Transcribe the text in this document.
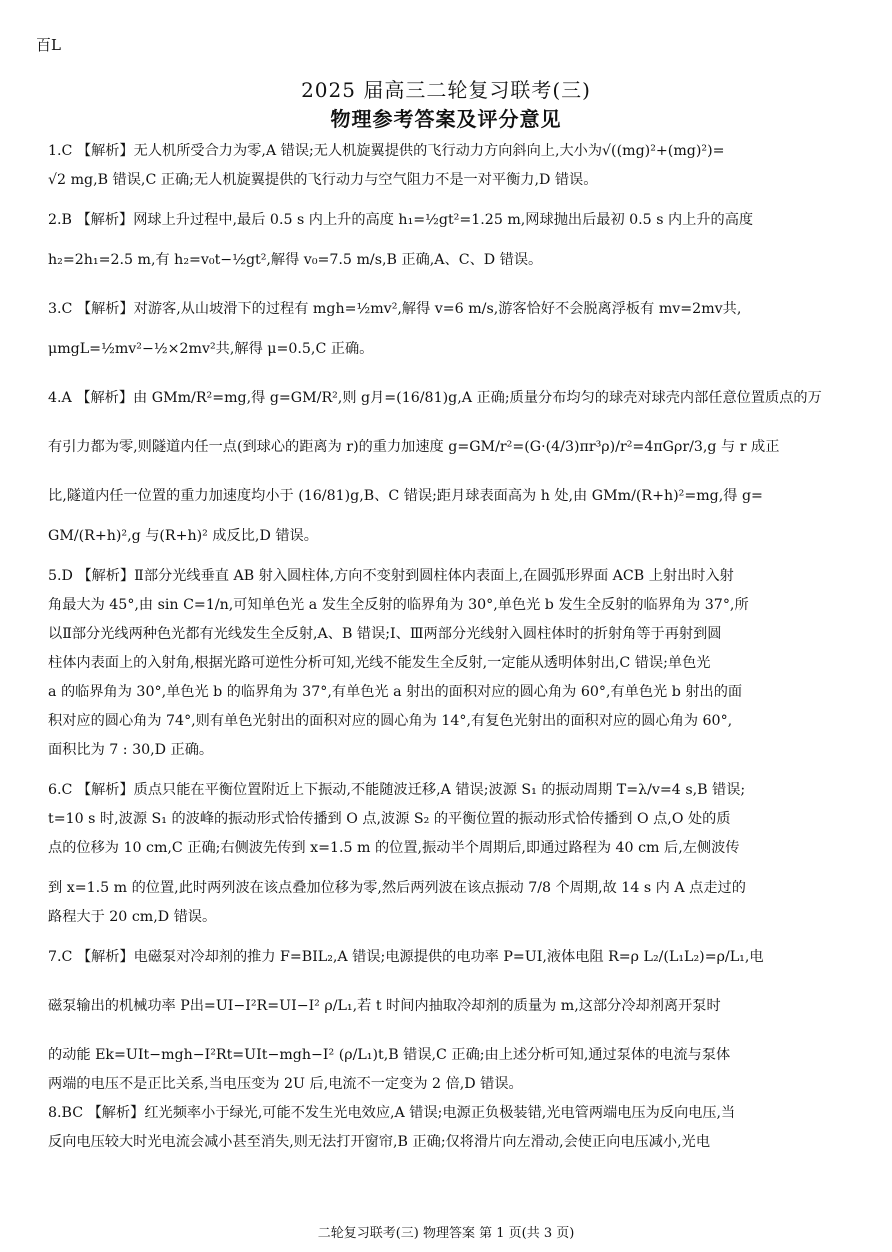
百L
2025 届高三二轮复习联考(三)
物理参考答案及评分意见
1.C 【解析】无人机所受合力为零,A 错误;无人机旋翼提供的飞行动力方向斜向上,大小为√((mg)²+(mg)²)=
√2 mg,B 错误,C 正确;无人机旋翼提供的飞行动力与空气阻力不是一对平衡力,D 错误。
2.B 【解析】网球上升过程中,最后 0.5 s 内上升的高度 h₁=½gt²=1.25 m,网球抛出后最初 0.5 s 内上升的高度
h₂=2h₁=2.5 m,有 h₂=v₀t−½gt²,解得 v₀=7.5 m/s,B 正确,A、C、D 错误。
3.C 【解析】对游客,从山坡滑下的过程有 mgh=½mv²,解得 v=6 m/s,游客恰好不会脱离浮板有 mv=2mv共,
μmgL=½mv²−½×2mv²共,解得 μ=0.5,C 正确。
4.A 【解析】由 GMm/R²=mg,得 g=GM/R²,则 g月=(16/81)g,A 正确;质量分布均匀的球壳对球壳内部任意位置质点的万
有引力都为零,则隧道内任一点(到球心的距离为 r)的重力加速度 g=GM/r²=(G·(4/3)πr³ρ)/r²=4πGρr/3,g 与 r 成正
比,隧道内任一位置的重力加速度均小于 (16/81)g,B、C 错误;距月球表面高为 h 处,由 GMm/(R+h)²=mg,得 g=
GM/(R+h)²,g 与(R+h)² 成反比,D 错误。
5.D 【解析】Ⅱ部分光线垂直 AB 射入圆柱体,方向不变射到圆柱体内表面上,在圆弧形界面 ACB 上射出时入射
角最大为 45°,由 sin C=1/n,可知单色光 a 发生全反射的临界角为 30°,单色光 b 发生全反射的临界角为 37°,所
以Ⅱ部分光线两种色光都有光线发生全反射,A、B 错误;Ⅰ、Ⅲ两部分光线射入圆柱体时的折射角等于再射到圆
柱体内表面上的入射角,根据光路可逆性分析可知,光线不能发生全反射,一定能从透明体射出,C 错误;单色光
a 的临界角为 30°,单色光 b 的临界角为 37°,有单色光 a 射出的面积对应的圆心角为 60°,有单色光 b 射出的面
积对应的圆心角为 74°,则有单色光射出的面积对应的圆心角为 14°,有复色光射出的面积对应的圆心角为 60°,
面积比为 7 : 30,D 正确。
6.C 【解析】质点只能在平衡位置附近上下振动,不能随波迁移,A 错误;波源 S₁ 的振动周期 T=λ/v=4 s,B 错误;
t=10 s 时,波源 S₁ 的波峰的振动形式恰传播到 O 点,波源 S₂ 的平衡位置的振动形式恰传播到 O 点,O 处的质
点的位移为 10 cm,C 正确;右侧波先传到 x=1.5 m 的位置,振动半个周期后,即通过路程为 40 cm 后,左侧波传
到 x=1.5 m 的位置,此时两列波在该点叠加位移为零,然后两列波在该点振动 7/8 个周期,故 14 s 内 A 点走过的
路程大于 20 cm,D 错误。
7.C 【解析】电磁泵对冷却剂的推力 F=BIL₂,A 错误;电源提供的电功率 P=UI,液体电阻 R=ρ L₂/(L₁L₂)=ρ/L₁,电
磁泵输出的机械功率 P出=UI−I²R=UI−I² ρ/L₁,若 t 时间内抽取冷却剂的质量为 m,这部分冷却剂离开泵时
的动能 Ek=UIt−mgh−I²Rt=UIt−mgh−I² (ρ/L₁)t,B 错误,C 正确;由上述分析可知,通过泵体的电流与泵体
两端的电压不是正比关系,当电压变为 2U 后,电流不一定变为 2 倍,D 错误。
8.BC 【解析】红光频率小于绿光,可能不发生光电效应,A 错误;电源正负极装错,光电管两端电压为反向电压,当
反向电压较大时光电流会减小甚至消失,则无法打开窗帘,B 正确;仅将滑片向左滑动,会使正向电压减小,光电
二轮复习联考(三) 物理答案 第 1 页(共 3 页)
